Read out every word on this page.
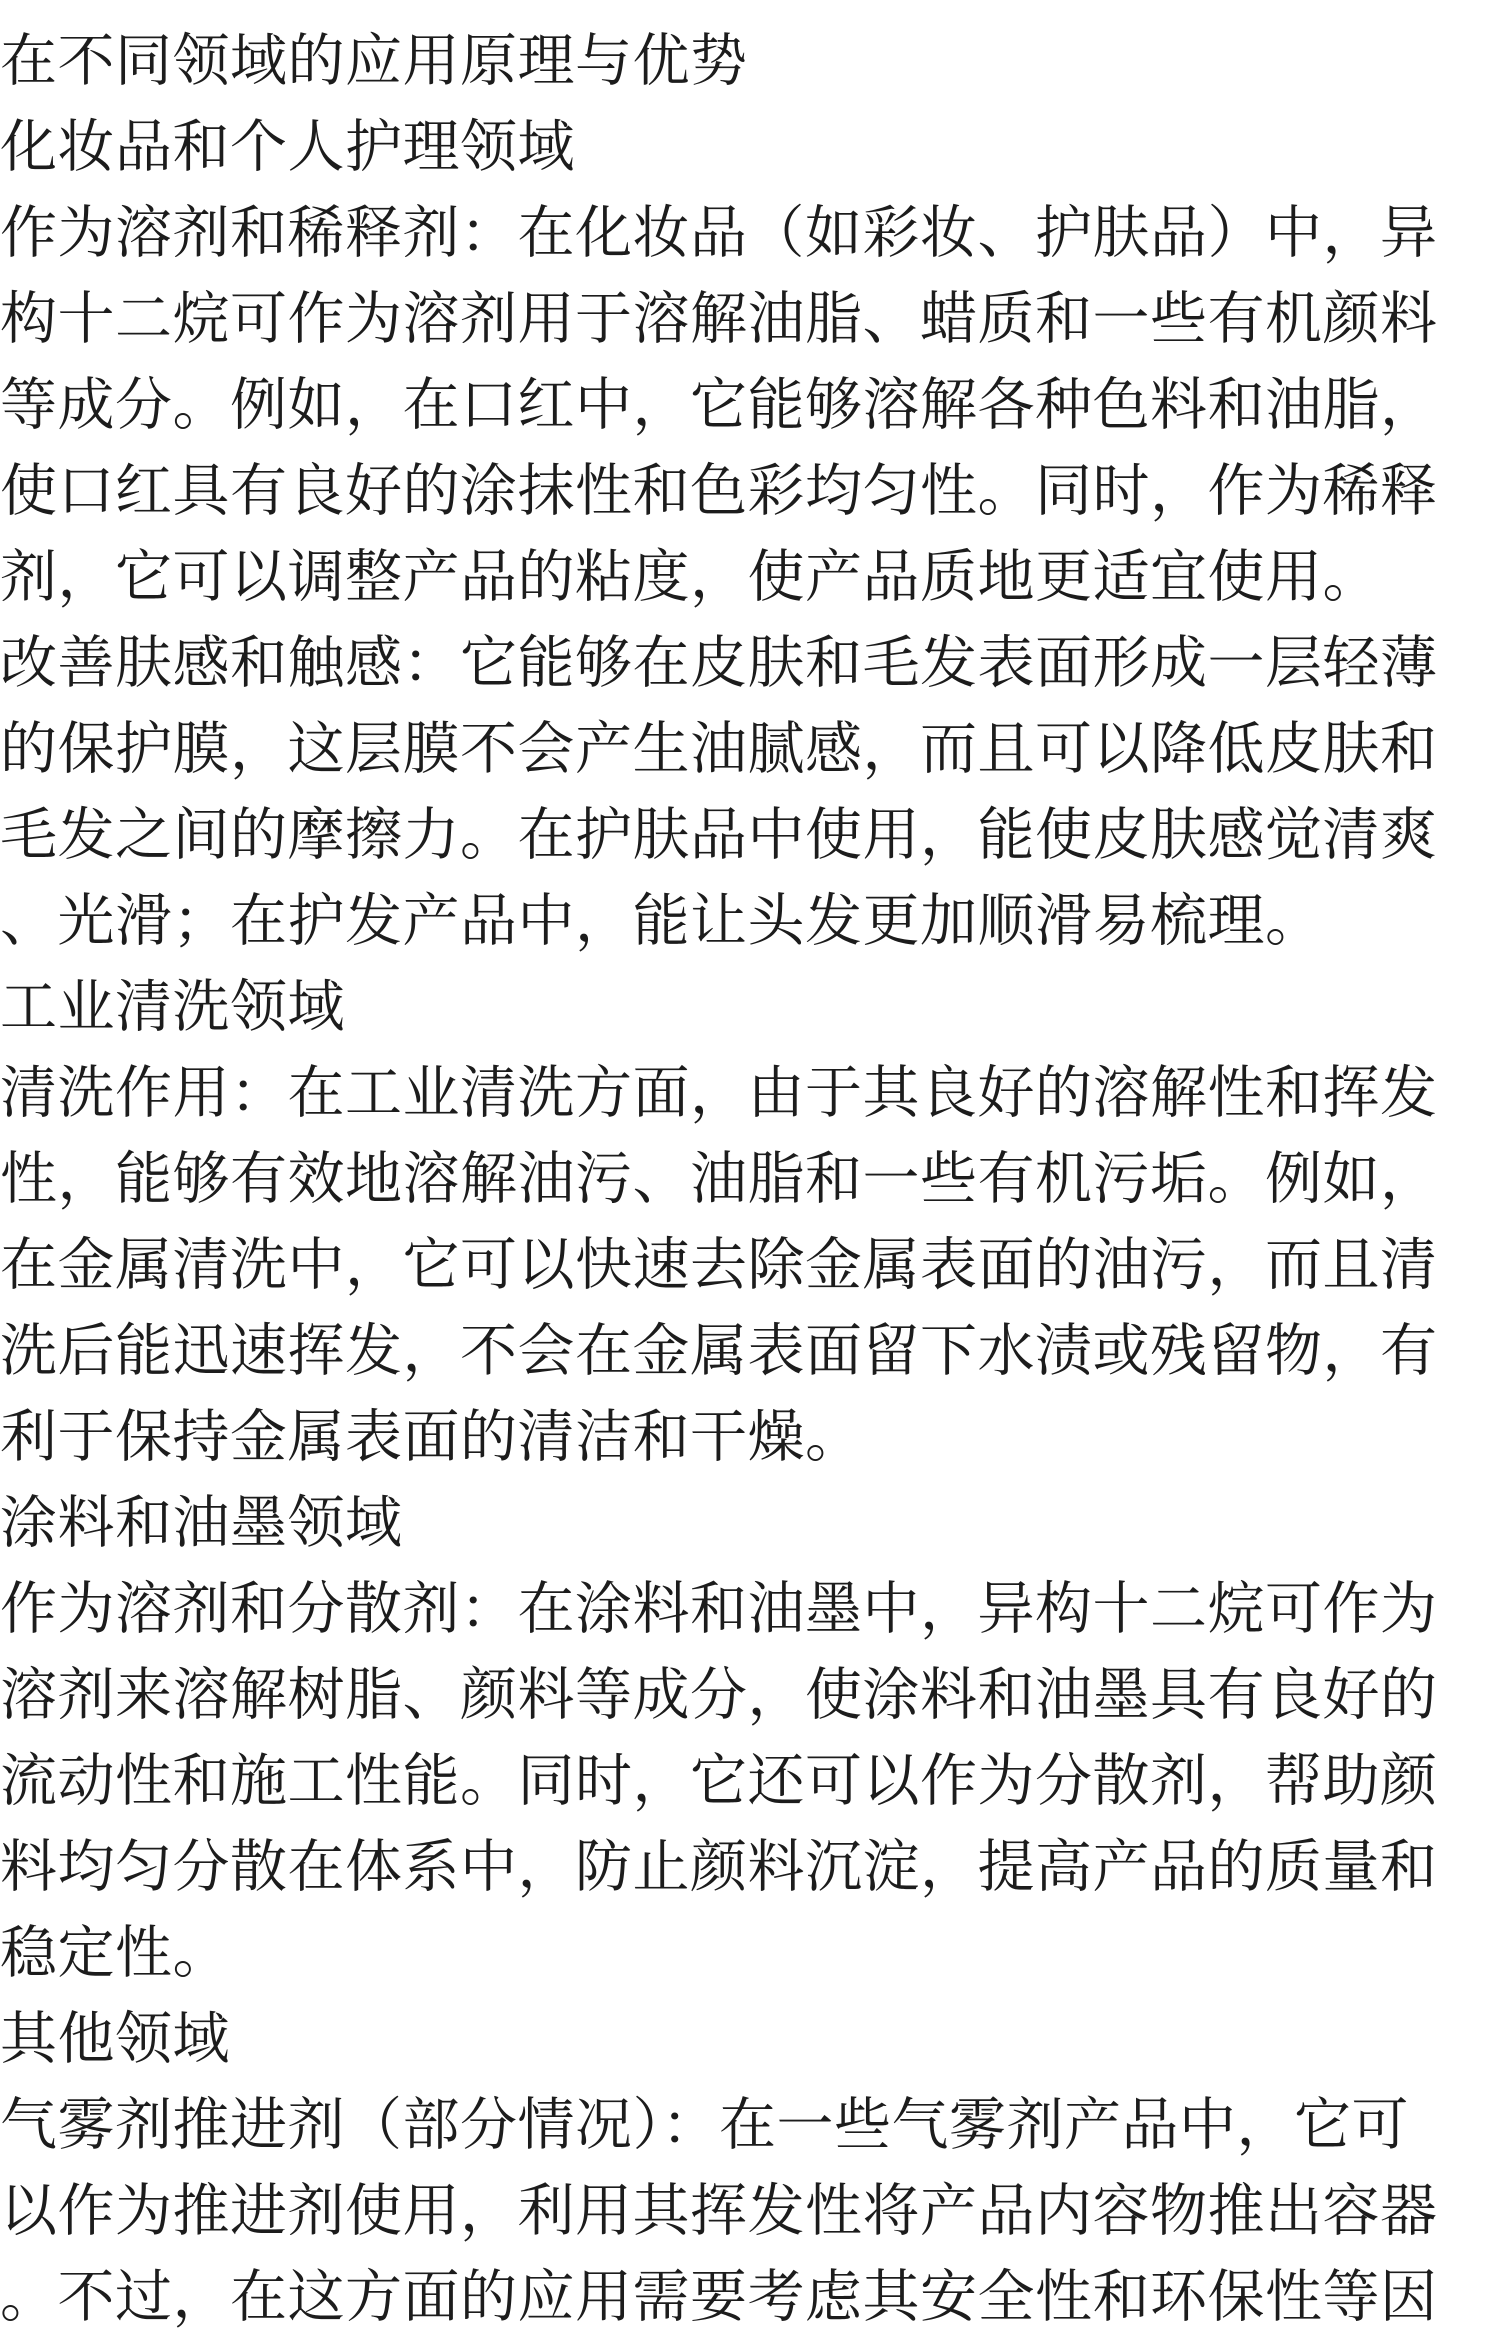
在不同领域的应用原理与优势
化妆品和个人护理领域
作为溶剂和稀释剂：在化妆品（如彩妆、护肤品）中，异
构十二烷可作为溶剂用于溶解油脂、蜡质和一些有机颜料
等成分。例如，在口红中，它能够溶解各种色料和油脂，
使口红具有良好的涂抹性和色彩均匀性。同时，作为稀释
剂，它可以调整产品的粘度，使产品质地更适宜使用。
改善肤感和触感：它能够在皮肤和毛发表面形成一层轻薄
的保护膜，这层膜不会产生油腻感，而且可以降低皮肤和
毛发之间的摩擦力。在护肤品中使用，能使皮肤感觉清爽
、光滑；在护发产品中，能让头发更加顺滑易梳理。
工业清洗领域
清洗作用：在工业清洗方面，由于其良好的溶解性和挥发
性，能够有效地溶解油污、油脂和一些有机污垢。例如，
在金属清洗中，它可以快速去除金属表面的油污，而且清
洗后能迅速挥发，不会在金属表面留下水渍或残留物，有
利于保持金属表面的清洁和干燥。
涂料和油墨领域
作为溶剂和分散剂：在涂料和油墨中，异构十二烷可作为
溶剂来溶解树脂、颜料等成分，使涂料和油墨具有良好的
流动性和施工性能。同时，它还可以作为分散剂，帮助颜
料均匀分散在体系中，防止颜料沉淀，提高产品的质量和
稳定性。
其他领域
气雾剂推进剂（部分情况）：在一些气雾剂产品中，它可
以作为推进剂使用，利用其挥发性将产品内容物推出容器
。不过，在这方面的应用需要考虑其安全性和环保性等因
